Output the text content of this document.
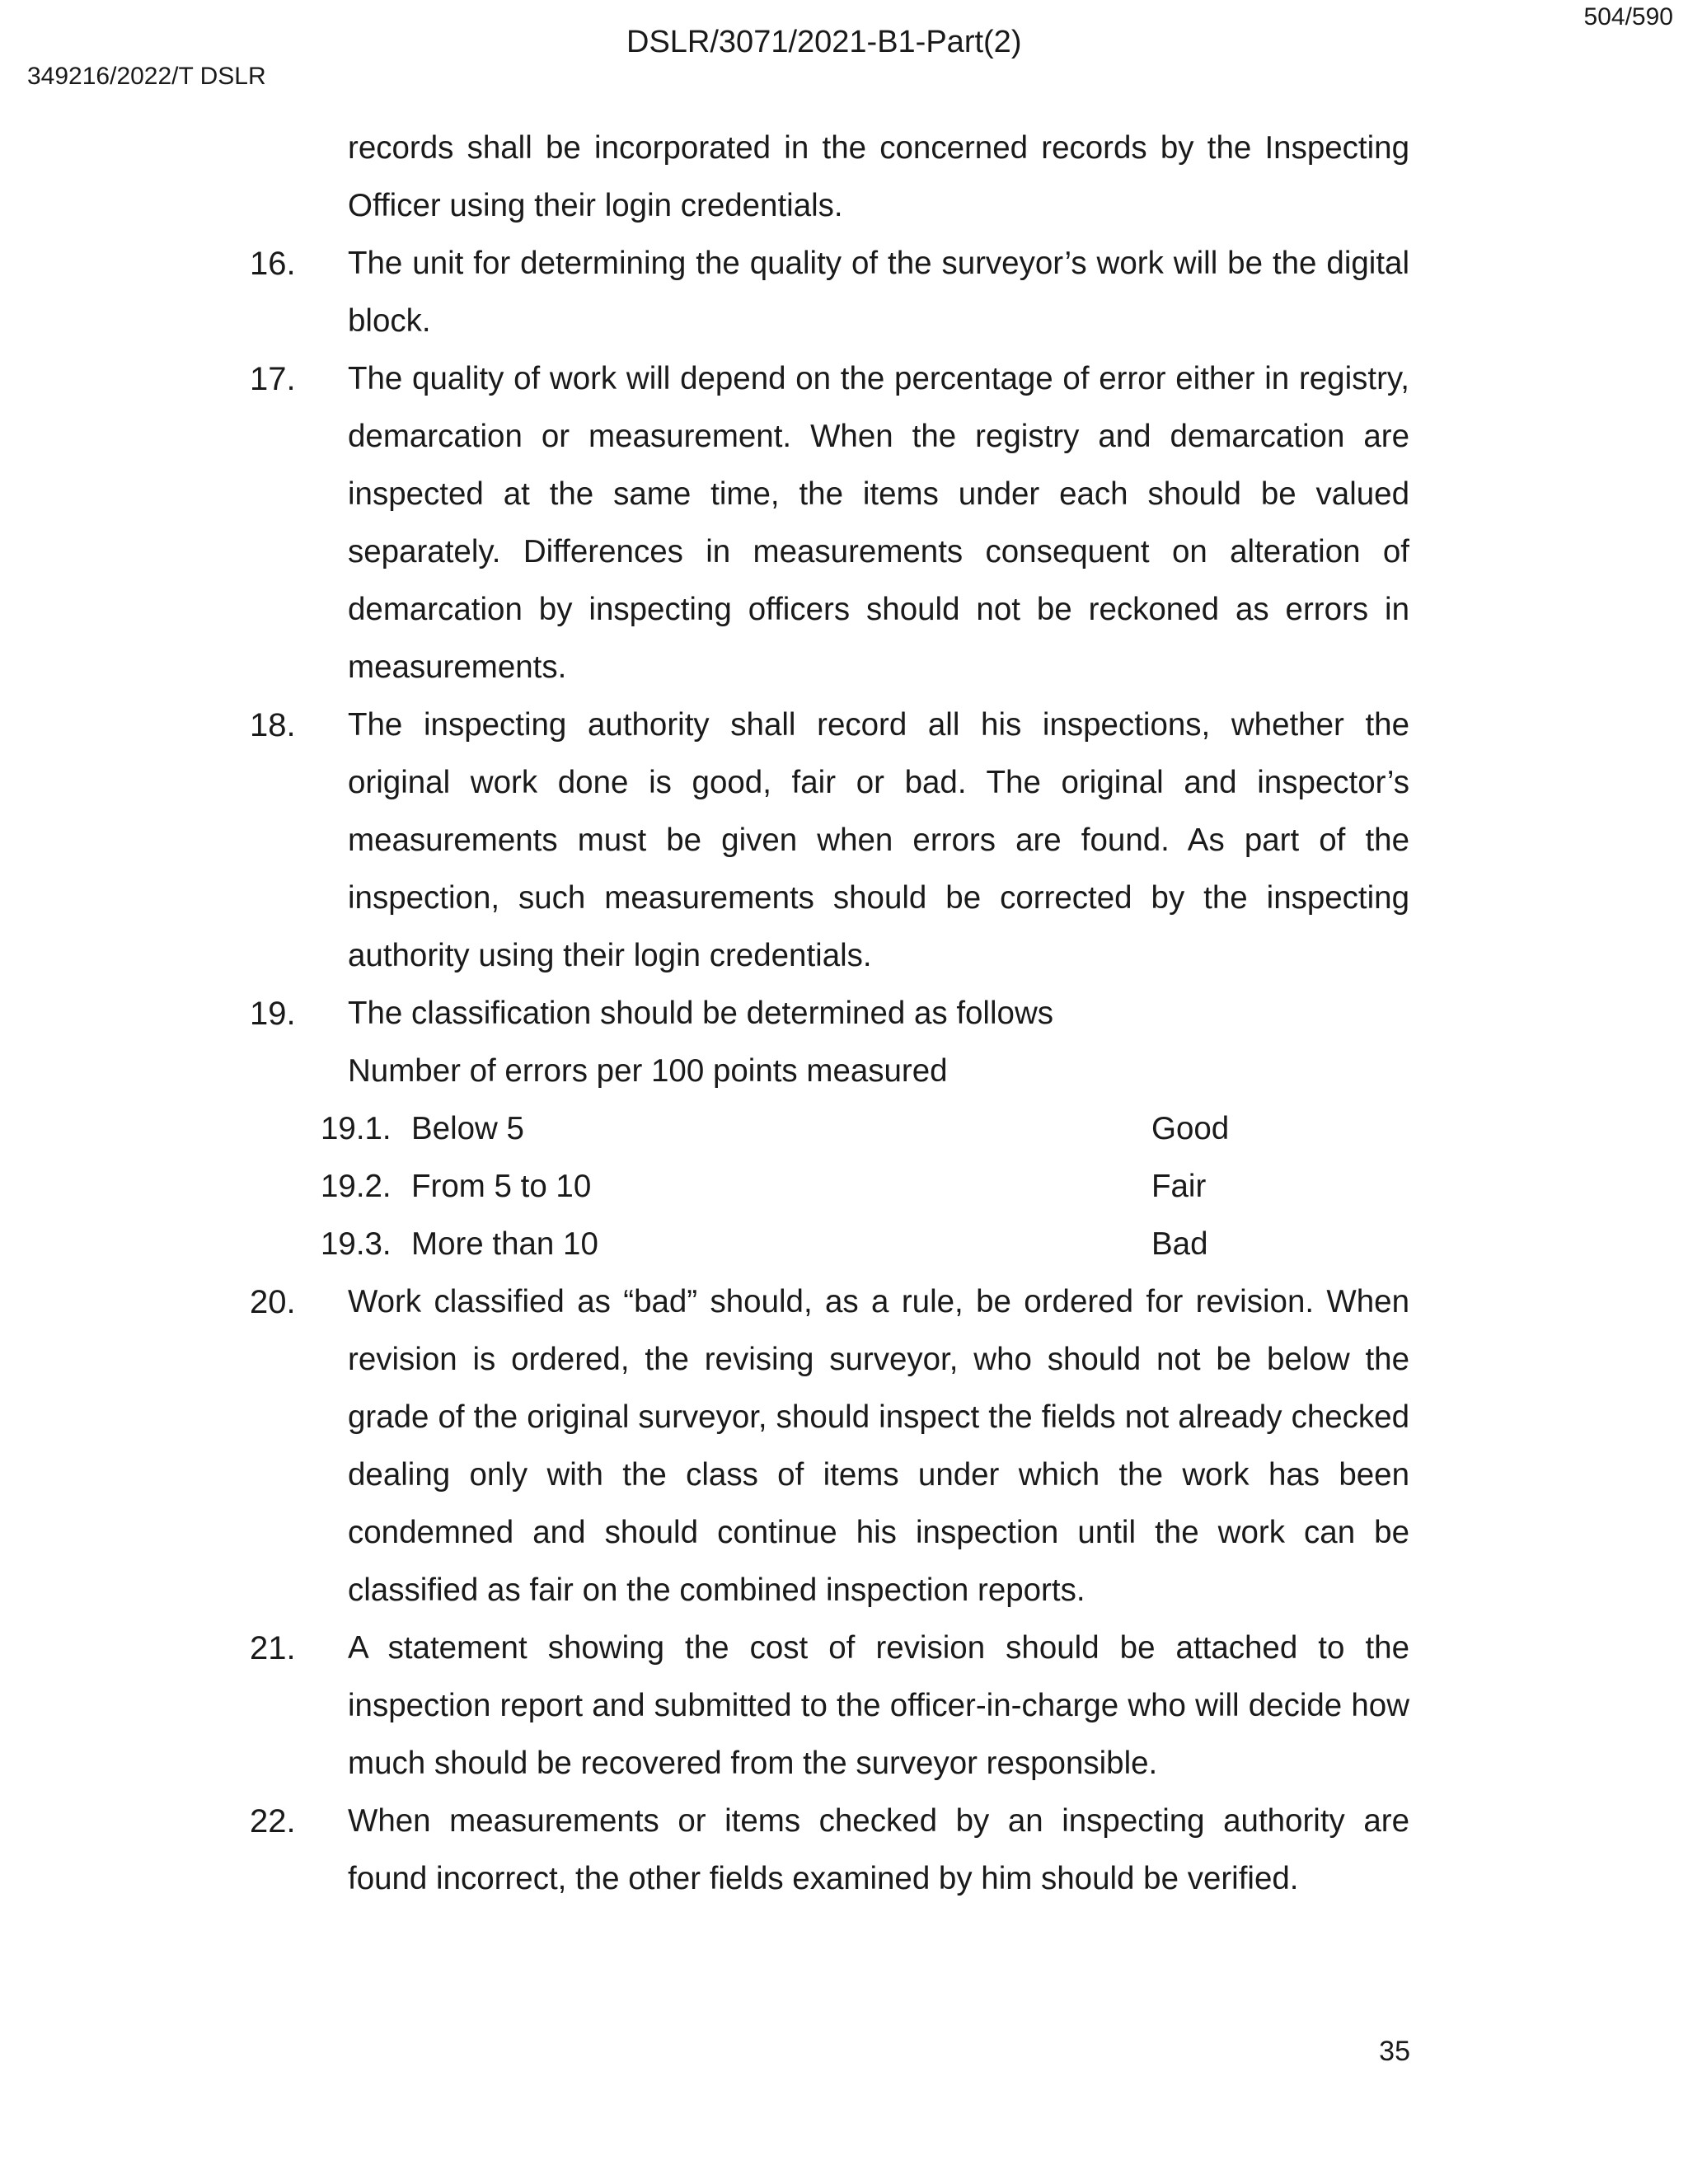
504/590
DSLR/3071/2021-B1-Part(2)
349216/2022/T DSLR
records shall be incorporated in the concerned records by the Inspecting Officer using their login credentials.
16.	The unit for determining the quality of the surveyor’s work will be the digital block.
17.	The quality of work will depend on the percentage of error either in registry, demarcation or measurement. When the registry and demarcation are inspected at the same time, the items under each should be valued separately. Differences in measurements consequent on alteration of demarcation by inspecting officers should not be reckoned as errors in measurements.
18.	The inspecting authority shall record all his inspections, whether the original work done is good, fair or bad. The original and inspector’s measurements must be given when errors are found. As part of the inspection, such measurements should be corrected by the inspecting authority using their login credentials.
19.	The classification should be determined as follows
Number of errors per 100 points measured
19.1. Below 5	Good
19.2. From 5 to 10	Fair
19.3. More than 10	Bad
20.	Work classified as “bad” should, as a rule, be ordered for revision. When revision is ordered, the revising surveyor, who should not be below the grade of the original surveyor, should inspect the fields not already checked dealing only with the class of items under which the work has been condemned and should continue his inspection until the work can be classified as fair on the combined inspection reports.
21.	A statement showing the cost of revision should be attached to the inspection report and submitted to the officer-in-charge who will decide how much should be recovered from the surveyor responsible.
22.	When measurements or items checked by an inspecting authority are found incorrect, the other fields examined by him should be verified.
35
